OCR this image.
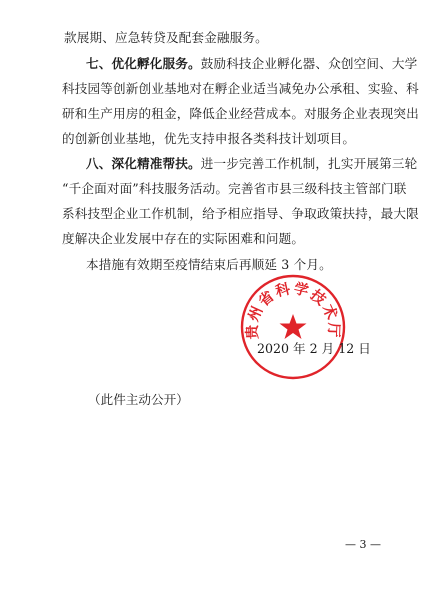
款展期、应急转贷及配套金融服务。
七、优化孵化服务。鼓励科技企业孵化器、众创空间、大学
科技园等创新创业基地对在孵企业适当减免办公承租、实验、科
研和生产用房的租金，降低企业经营成本。对服务企业表现突出
的创新创业基地，优先支持申报各类科技计划项目。
八、深化精准帮扶。进一步完善工作机制，扎实开展第三轮
“千企面对面”科技服务活动。完善省市县三级科技主管部门联
系科技型企业工作机制，给予相应指导、争取政策扶持，最大限
度解决企业发展中存在的实际困难和问题。
本措施有效期至疫情结束后再顺延 3 个月。
贵州省科学技术厅
2020 年 2 月 12 日
（此件主动公开）
— 3 —
